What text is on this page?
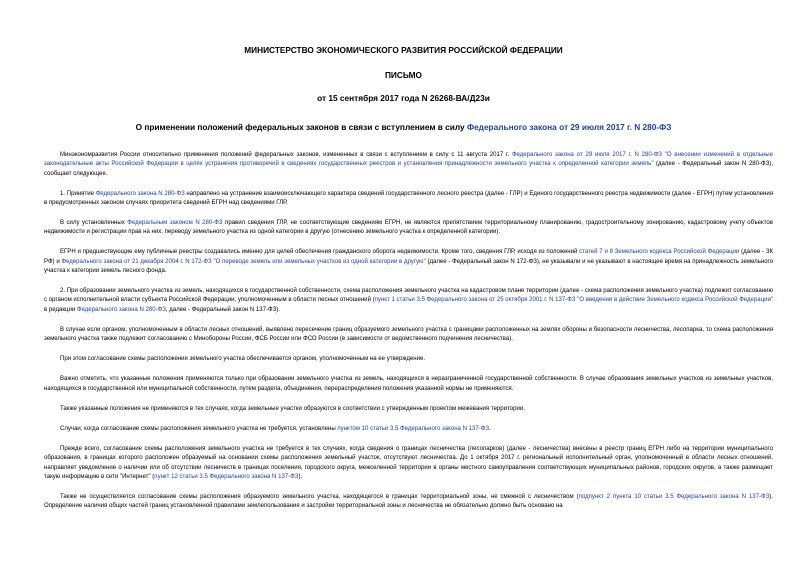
МИНИСТЕРСТВО ЭКОНОМИЧЕСКОГО РАЗВИТИЯ РОССИЙСКОЙ ФЕДЕРАЦИИ
ПИСЬМО
от 15 сентября 2017 года N 26268-ВА/Д23и
О применении положений федеральных законов в связи с вступлением в силу Федерального закона от 29 июля 2017 г. N 280-ФЗ

Минэкономразвития России относительно применения положений федеральных законов, измененных в связи с вступлением в силу с 11 августа 2017 г. Федерального закона от 29 июля 2017 г. N 280-ФЗ "О внесении изменений в отдельные законодательные акты Российской Федерации в целях устранения противоречий в сведениях государственных реестров и установления принадлежности земельного участка к определенной категории земель" (далее - Федеральный закон N 280-ФЗ), сообщает следующее.

1. Принятие Федерального закона N 280-ФЗ направлено на устранение взаимоисключающего характера сведений государственного лесного реестра (далее - ГЛР) и Единого государственного реестра недвижимости (далее - ЕГРН) путем установления в предусмотренных законом случаях приоритета сведений ЕГРН над сведениями ГЛР.

В силу установленных Федеральным законом N 280-ФЗ правил сведения ГЛР, не соответствующие сведениям ЕГРН, не являются препятствием территориальному планированию, градостроительному зонированию, кадастровому учету объектов недвижимости и регистрации прав на них, переводу земельного участка из одной категории в другую (отнесению земельного участка к определенной категории).

ЕГРН и предшествующие ему публичные реестры создавались именно для целей обеспечения гражданского оборота недвижимости. Кроме того, сведения ГЛР, исходя из положений статей 7 и 8 Земельного кодекса Российской Федерации (далее - ЗК РФ) и Федерального закона от 21 декабря 2004 г. N 172-ФЗ "О переводе земель или земельных участков из одной категории в другую" (далее - Федеральный закон N 172-ФЗ), не указывали и не указывают в настоящее время на принадлежность земельного участка к категории земель лесного фонда.

2. При образовании земельного участка из земель, находящихся в государственной собственности, схема расположения земельного участка на кадастровом плане территории (далее - схема расположения земельного участка) подлежит согласованию с органом исполнительной власти субъекта Российской Федерации, уполномоченным в области лесных отношений (пункт 1 статьи 3.5 Федерального закона от 25 октября 2001 г. N 137-ФЗ "О введении в действие Земельного кодекса Российской Федерации" в редакции Федерального закона N 280-ФЗ, далее - Федеральный закон N 137-ФЗ).

В случае если органом, уполномоченным в области лесных отношений, выявлено пересечение границ образуемого земельного участка с границами расположенных на землях обороны и безопасности лесничества, лесопарка, то схема расположения земельного участка также подлежит согласованию с Минобороны России, ФСБ России или ФСО России (в зависимости от ведомственного подчинения лесничества).

При этом согласование схемы расположения земельного участка обеспечивается органом, уполномоченным на ее утверждение.

Важно отметить, что указанные положения применяются только при образовании земельного участка из земель, находящихся в неразграниченной государственной собственности. В случае образования земельных участков из земельных участков, находящихся в государственной или муниципальной собственности, путем раздела, объединения, перераспределения положения указанной нормы не применяются.

Также указанные положения не применяются в тех случаях, когда земельные участки образуются в соответствии с утвержденным проектом межевания территории.

Случаи, когда согласование схемы расположения земельного участка не требуется, установлены пунктом 10 статьи 3.5 Федерального закона N 137-ФЗ.

Прежде всего, согласование схемы расположения земельного участка не требуется в тех случаях, когда сведения о границах лесничества (лесопарков) (далее - лесничества) внесены в реестр границ ЕГРН либо на территории муниципального образования, в границах которого расположен образуемый на основании схемы расположения земельный участок, отсутствуют лесничества. До 1 октября 2017 г. региональный исполнительный орган, уполномоченный в области лесных отношений, направляет уведомление о наличии или об отсутствии лесничеств в границах поселения, городского округа, межселенной территории в органы местного самоуправления соответствующих муниципальных районов, городских округов, а также размещает такую информацию в сети "Интернет" (пункт 12 статьи 3.5 Федерального закона N 137-ФЗ).

Также не осуществляется согласование схемы расположения образуемого земельного участка, находящегося в границах территориальной зоны, не смежной с лесничеством (подпункт 2 пункта 10 статьи 3.5 Федерального закона N 137-ФЗ). Определение наличия общих частей границ установленной правилами землепользования и застройки территориальной зоны и лесничества не обязательно должно быть основано на
